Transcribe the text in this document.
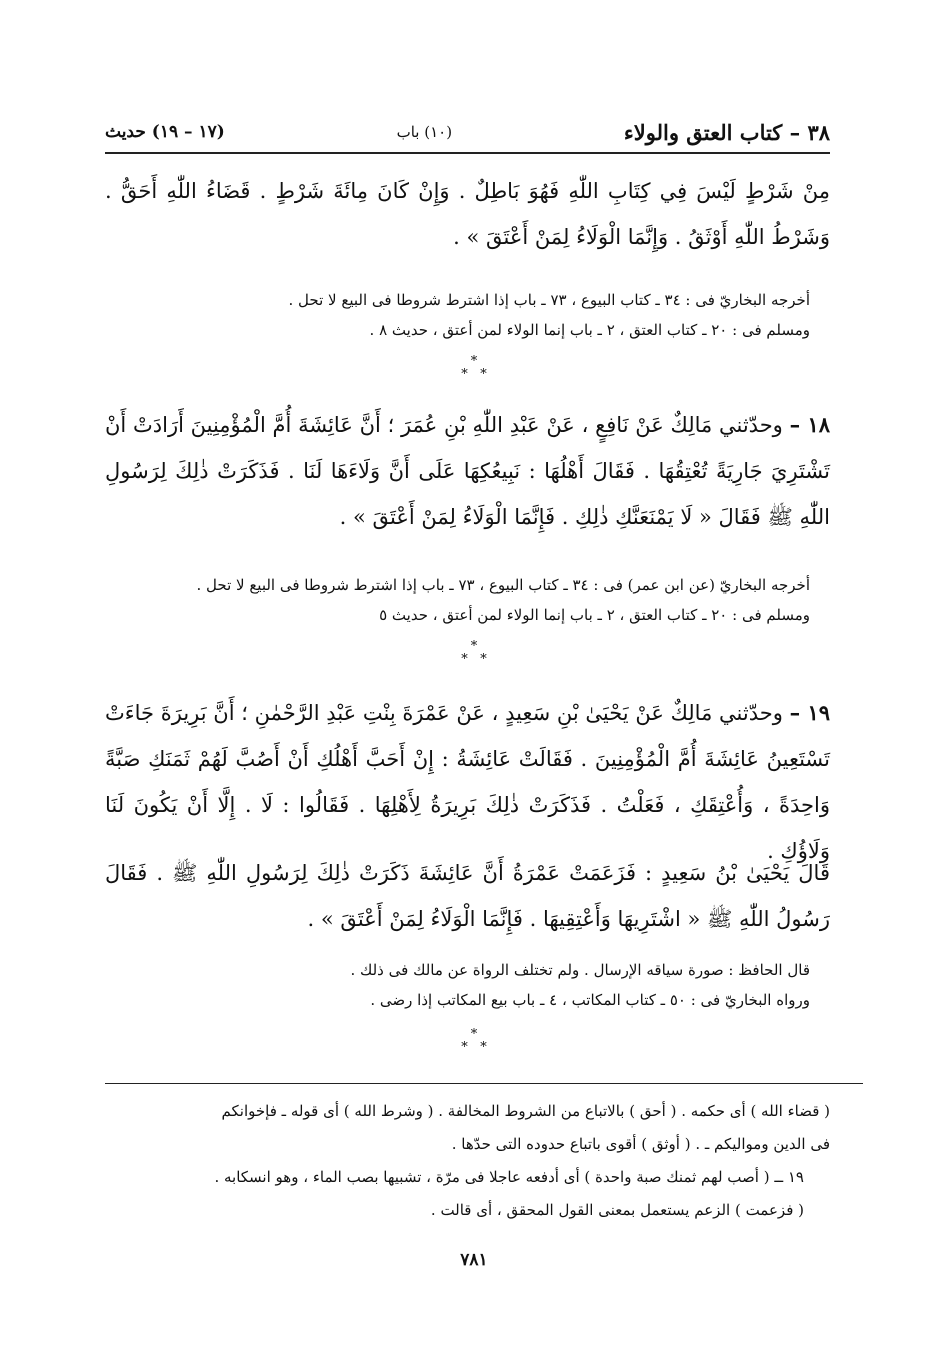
٣٨ – كتاب العتق والولاء
(١٠) باب
(١٧ – ١٩) حديث
مِنْ شَرْطٍ لَيْسَ فِي كِتَابِ اللّٰهِ فَهُوَ بَاطِلٌ . وَإِنْ كَانَ مِائَةَ شَرْطٍ . قَضَاءُ اللّٰهِ أَحَقُّ . وَشَرْطُ اللّٰهِ أَوْثَقُ . وَإِنَّمَا الْوَلَاءُ لِمَنْ أَعْتَقَ » .
أخرجه البخاريّ فى : ٣٤ ـ كتاب البيوع ، ٧٣ ـ باب إذا اشترط شروطا فى البيع لا تحل .
ومسلم فى : ٢٠ ـ كتاب العتق ، ٢ ـ باب إنما الولاء لمن أعتق ، حديث ٨ .
*
* *
١٨ – وحدّثني مَالِكٌ عَنْ نَافِعٍ ، عَنْ عَبْدِ اللّٰهِ بْنِ عُمَرَ ؛ أَنَّ عَائِشَةَ أُمَّ الْمُؤْمِنِينَ أَرَادَتْ أَنْ تَشْتَرِيَ جَارِيَةً تُعْتِقُهَا . فَقَالَ أَهْلُهَا : نَبِيعُكِهَا عَلَى أَنَّ وَلَاءَهَا لَنَا . فَذَكَرَتْ ذٰلِكَ لِرَسُولِ اللّٰهِ ﷺ فَقَالَ « لَا يَمْنَعَنَّكِ ذٰلِكِ . فَإِنَّمَا الْوَلَاءُ لِمَنْ أَعْتَقَ » .
أخرجه البخاريّ (عن ابن عمر) فى : ٣٤ ـ كتاب البيوع ، ٧٣ ـ باب إذا اشترط شروطا فى البيع لا تحل .
ومسلم فى : ٢٠ ـ كتاب العتق ، ٢ ـ باب إنما الولاء لمن أعتق ، حديث ٥
*
* *
١٩ – وحدّثني مَالِكٌ عَنْ يَحْيَىٰ بْنِ سَعِيدٍ ، عَنْ عَمْرَةَ بِنْتِ عَبْدِ الرَّحْمٰنِ ؛ أَنَّ بَرِيرَةَ جَاءَتْ تَسْتَعِينُ عَائِشَةَ أُمَّ الْمُؤْمِنِينَ . فَقَالَتْ عَائِشَةُ : إِنْ أَحَبَّ أَهْلُكِ أَنْ أَصُبَّ لَهُمْ ثَمَنَكِ صَبَّةً وَاحِدَةً ، وَأُعْتِقَكِ ، فَعَلْتُ . فَذَكَرَتْ ذٰلِكَ بَرِيرَةُ لِأَهْلِهَا . فَقَالُوا : لَا . إِلَّا أَنْ يَكُونَ لَنَا وَلَاؤُكِ .
قَالَ يَحْيَىٰ بْنُ سَعِيدٍ : فَزَعَمَتْ عَمْرَةُ أَنَّ عَائِشَةَ ذَكَرَتْ ذٰلِكَ لِرَسُولِ اللّٰهِ ﷺ . فَقَالَ رَسُولُ اللّٰهِ ﷺ « اشْتَرِيهَا وَأَعْتِقِيهَا . فَإِنَّمَا الْوَلَاءُ لِمَنْ أَعْتَقَ » .
قال الحافظ : صورة سياقه الإرسال . ولم تختلف الرواة عن مالك فى ذلك .
ورواه البخاريّ فى : ٥٠ ـ كتاب المكاتب ، ٤ ـ باب بيع المكاتب إذا رضى .
*
* *
( قضاء الله ) أى حكمه . ( أحق ) بالاتباع من الشروط المخالفة . ( وشرط الله ) أى قوله ـ فإخوانكم
فى الدين ومواليكم ـ . ( أوثق ) أقوى باتباع حدوده التى حدّها .
١٩ ــ ( أصب لهم ثمنك صبة واحدة ) أى أدفعه عاجلا فى مرّة ، تشبيها بصب الماء ، وهو انسكابه .
( فزعمت ) الزعم يستعمل بمعنى القول المحقق ، أى قالت .
٧٨١
